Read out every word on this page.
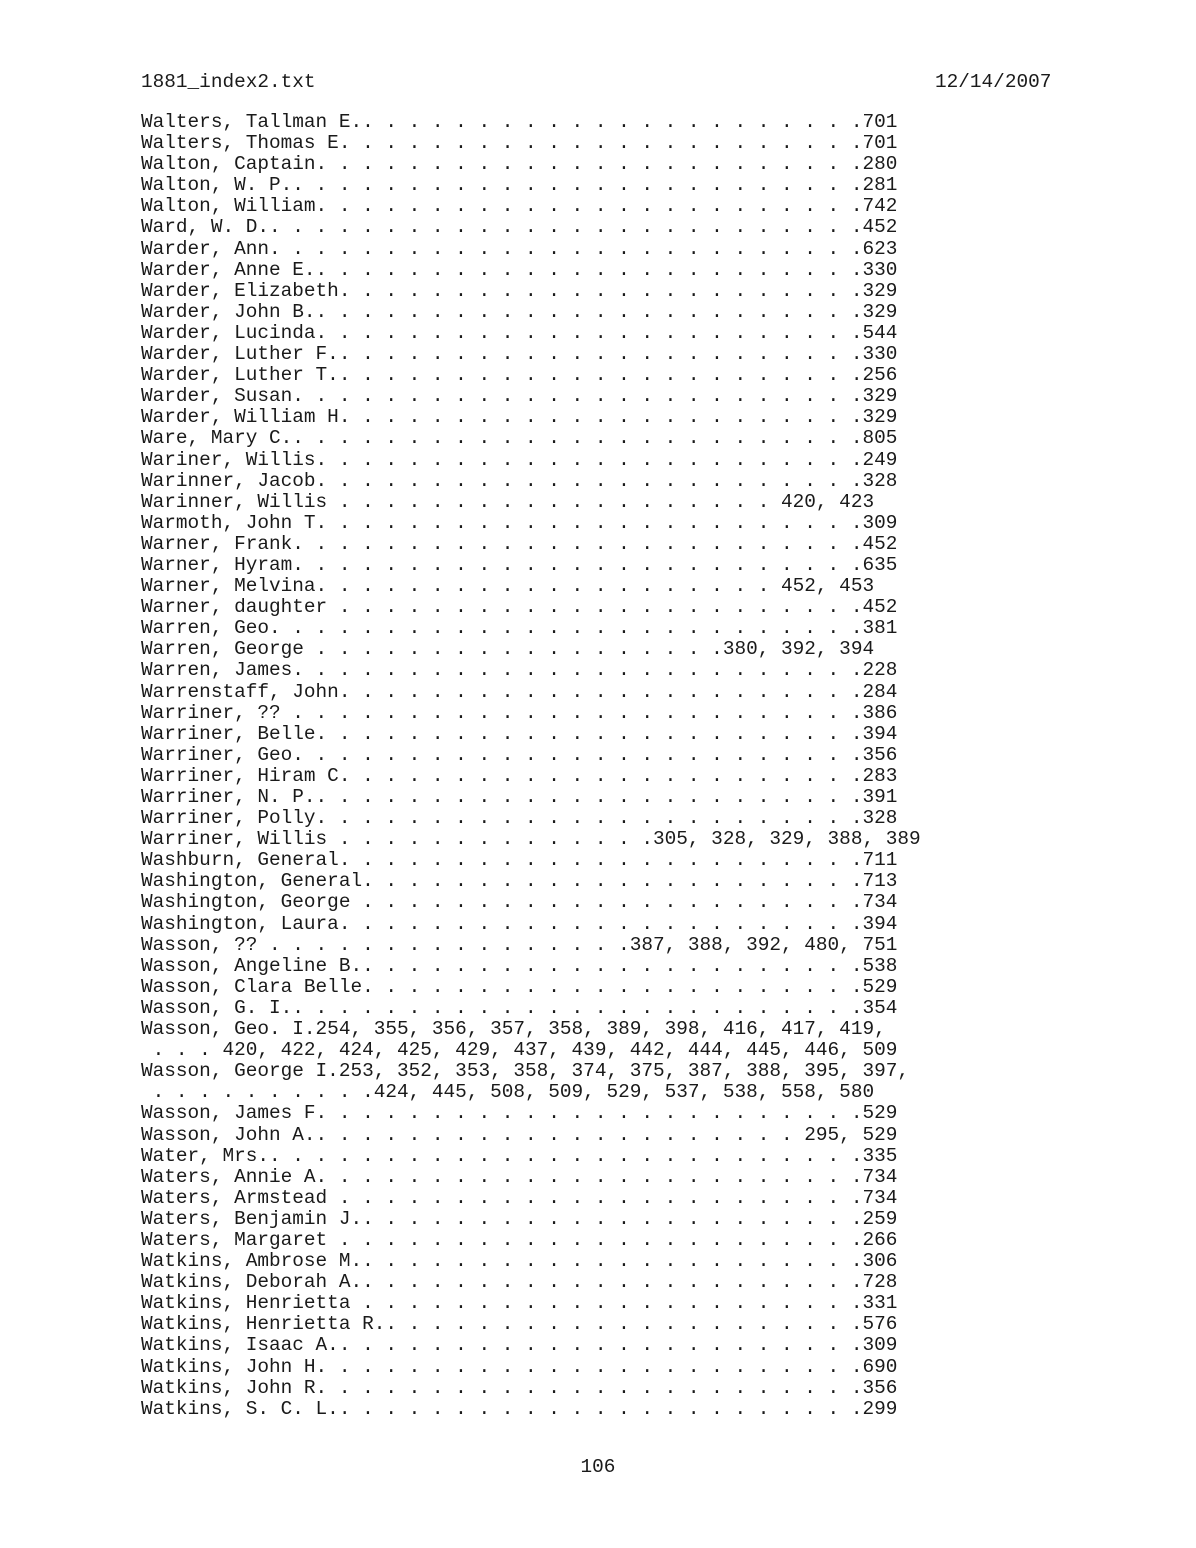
1881_index2.txt	12/14/2007
Walters, Tallman E.. . . . . . . . . . . . . . . . . . . . . .701
Walters, Thomas E. . . . . . . . . . . . . . . . . . . . . . .701
Walton, Captain. . . . . . . . . . . . . . . . . . . . . . . .280
Walton, W. P.. . . . . . . . . . . . . . . . . . . . . . . . .281
Walton, William. . . . . . . . . . . . . . . . . . . . . . . .742
Ward, W. D.. . . . . . . . . . . . . . . . . . . . . . . . . .452
Warder, Ann. . . . . . . . . . . . . . . . . . . . . . . . . .623
Warder, Anne E.. . . . . . . . . . . . . . . . . . . . . . . .330
Warder, Elizabeth. . . . . . . . . . . . . . . . . . . . . . .329
Warder, John B.. . . . . . . . . . . . . . . . . . . . . . . .329
Warder, Lucinda. . . . . . . . . . . . . . . . . . . . . . . .544
Warder, Luther F.. . . . . . . . . . . . . . . . . . . . . . .330
Warder, Luther T.. . . . . . . . . . . . . . . . . . . . . . .256
Warder, Susan. . . . . . . . . . . . . . . . . . . . . . . . .329
Warder, William H. . . . . . . . . . . . . . . . . . . . . . .329
Ware, Mary C.. . . . . . . . . . . . . . . . . . . . . . . . .805
Wariner, Willis. . . . . . . . . . . . . . . . . . . . . . . .249
Warinner, Jacob. . . . . . . . . . . . . . . . . . . . . . . .328
Warinner, Willis . . . . . . . . . . . . . . . . . . . 420, 423
Warmoth, John T. . . . . . . . . . . . . . . . . . . . . . . .309
Warner, Frank. . . . . . . . . . . . . . . . . . . . . . . . .452
Warner, Hyram. . . . . . . . . . . . . . . . . . . . . . . . .635
Warner, Melvina. . . . . . . . . . . . . . . . . . . . 452, 453
Warner, daughter . . . . . . . . . . . . . . . . . . . . . . .452
Warren, Geo. . . . . . . . . . . . . . . . . . . . . . . . . .381
Warren, George . . . . . . . . . . . . . . . . . .380, 392, 394
Warren, James. . . . . . . . . . . . . . . . . . . . . . . . .228
Warrenstaff, John. . . . . . . . . . . . . . . . . . . . . . .284
Warriner, ?? . . . . . . . . . . . . . . . . . . . . . . . . .386
Warriner, Belle. . . . . . . . . . . . . . . . . . . . . . . .394
Warriner, Geo. . . . . . . . . . . . . . . . . . . . . . . . .356
Warriner, Hiram C. . . . . . . . . . . . . . . . . . . . . . .283
Warriner, N. P.. . . . . . . . . . . . . . . . . . . . . . . .391
Warriner, Polly. . . . . . . . . . . . . . . . . . . . . . . .328
Warriner, Willis . . . . . . . . . . . . . .305, 328, 329, 388, 389
Washburn, General. . . . . . . . . . . . . . . . . . . . . . .711
Washington, General. . . . . . . . . . . . . . . . . . . . . .713
Washington, George . . . . . . . . . . . . . . . . . . . . . .734
Washington, Laura. . . . . . . . . . . . . . . . . . . . . . .394
Wasson, ?? . . . . . . . . . . . . . . . .387, 388, 392, 480, 751
Wasson, Angeline B.. . . . . . . . . . . . . . . . . . . . . .538
Wasson, Clara Belle. . . . . . . . . . . . . . . . . . . . . .529
Wasson, G. I.. . . . . . . . . . . . . . . . . . . . . . . . .354
Wasson, Geo. I.254, 355, 356, 357, 358, 389, 398, 416, 417, 419,
. . . 420, 422, 424, 425, 429, 437, 439, 442, 444, 445, 446, 509
Wasson, George I.253, 352, 353, 358, 374, 375, 387, 388, 395, 397,
. . . . . . . . . .424, 445, 508, 509, 529, 537, 538, 558, 580
Wasson, James F. . . . . . . . . . . . . . . . . . . . . . . .529
Wasson, John A.. . . . . . . . . . . . . . . . . . . . . 295, 529
Water, Mrs.. . . . . . . . . . . . . . . . . . . . . . . . . .335
Waters, Annie A. . . . . . . . . . . . . . . . . . . . . . . .734
Waters, Armstead . . . . . . . . . . . . . . . . . . . . . . .734
Waters, Benjamin J.. . . . . . . . . . . . . . . . . . . . . .259
Waters, Margaret . . . . . . . . . . . . . . . . . . . . . . .266
Watkins, Ambrose M.. . . . . . . . . . . . . . . . . . . . . .306
Watkins, Deborah A.. . . . . . . . . . . . . . . . . . . . . .728
Watkins, Henrietta . . . . . . . . . . . . . . . . . . . . . .331
Watkins, Henrietta R.. . . . . . . . . . . . . . . . . . . . .576
Watkins, Isaac A.. . . . . . . . . . . . . . . . . . . . . . .309
Watkins, John H. . . . . . . . . . . . . . . . . . . . . . . .690
Watkins, John R. . . . . . . . . . . . . . . . . . . . . . . .356
Watkins, S. C. L.. . . . . . . . . . . . . . . . . . . . . . .299
106
